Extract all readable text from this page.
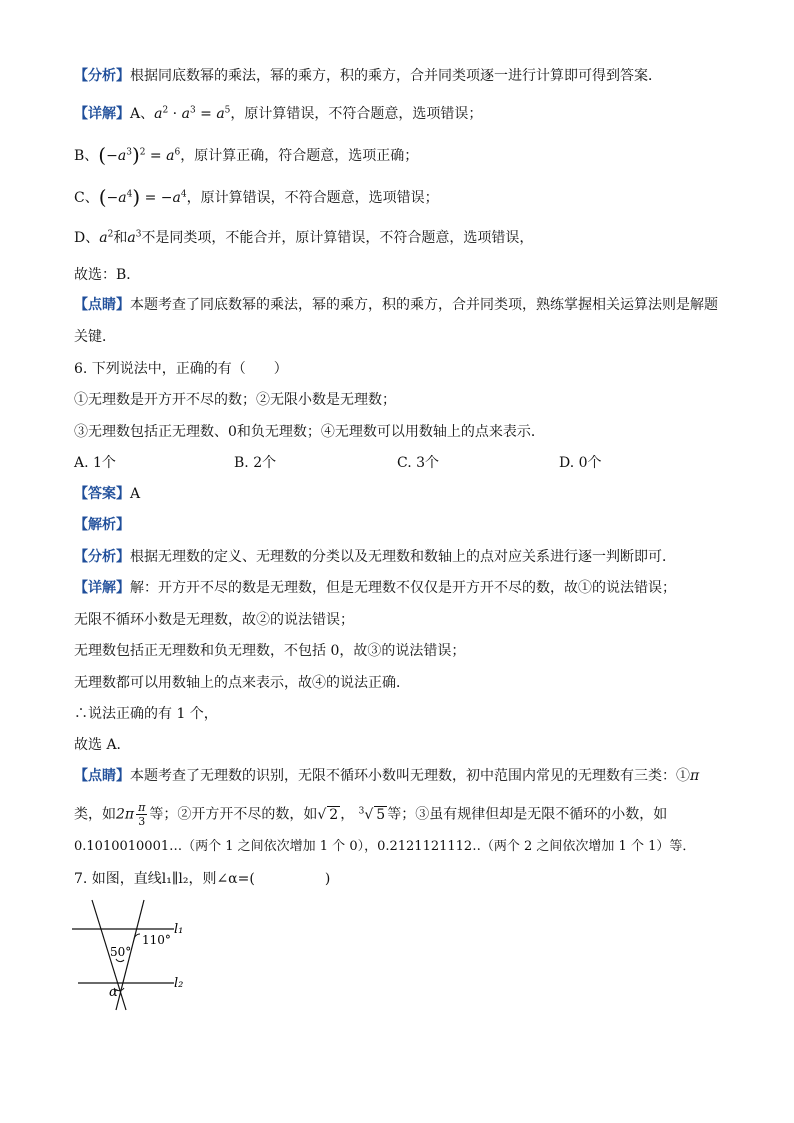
【分析】根据同底数幂的乘法，幂的乘方，积的乘方，合并同类项逐一进行计算即可得到答案．
【详解】A、$a^2 \cdot a^3 = a^5$，原计算错误，不符合题意，选项错误；
B、$(-a^3)^2 = a^6$，原计算正确，符合题意，选项正确；
C、$(-a^4) = -a^4$，原计算错误，不符合题意，选项错误；
D、$a^2$和$a^3$不是同类项，不能合并，原计算错误，不符合题意，选项错误，
故选：B．
【点睛】本题考查了同底数幂的乘法，幂的乘方，积的乘方，合并同类项，熟练掌握相关运算法则是解题
关键．
6. 下列说法中，正确的有（　　）
①无理数是开方开不尽的数；②无限小数是无理数；
③无理数包括正无理数、0和负无理数；④无理数可以用数轴上的点来表示．
A. 1个	B. 2个	C. 3个	D. 0个
【答案】A
【解析】
【分析】根据无理数的定义、无理数的分类以及无理数和数轴上的点对应关系进行逐一判断即可．
【详解】解：开方开不尽的数是无理数，但是无理数不仅仅是开方开不尽的数，故①的说法错误；
无限不循环小数是无理数，故②的说法错误；
无理数包括正无理数和负无理数，不包括 0，故③的说法错误；
无理数都可以用数轴上的点来表示，故④的说法正确．
∴说法正确的有 1 个，
故选 A．
【点睛】本题考查了无理数的识别，无限不循环小数叫无理数，初中范围内常见的无理数有三类：①π
类，如$2\pi \frac{\pi}{3}$ 等；②开方开不尽的数，如√ 2 ， $^3$√ 5 等；③虽有规律但却是无限不循环的小数，如
0.1010010001…（两个 1 之间依次增加 1 个 0），0.2121121112‥（两个 2 之间依次增加 1 个 1）等．
7. 如图，直线l₁∥l₂，则∠α=(　　　　　)
l₁
l₂
110°
50°
α
